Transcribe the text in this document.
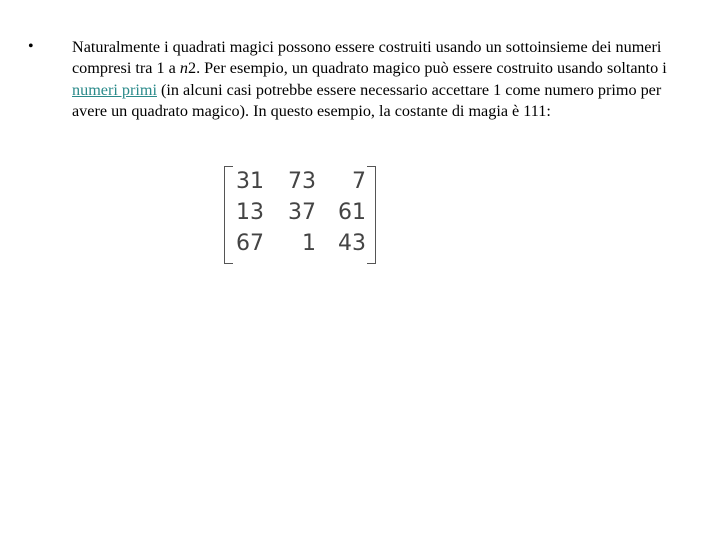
• Naturalmente i quadrati magici possono essere costruiti usando un sottoinsieme dei numeri compresi tra 1 a n2. Per esempio, un quadrato magico può essere costruito usando soltanto i numeri primi (in alcuni casi potrebbe essere necessario accettare 1 come numero primo per avere un quadrato magico). In questo esempio, la costante di magia è 111:
31	73	7
13	37	61
67	1	43
